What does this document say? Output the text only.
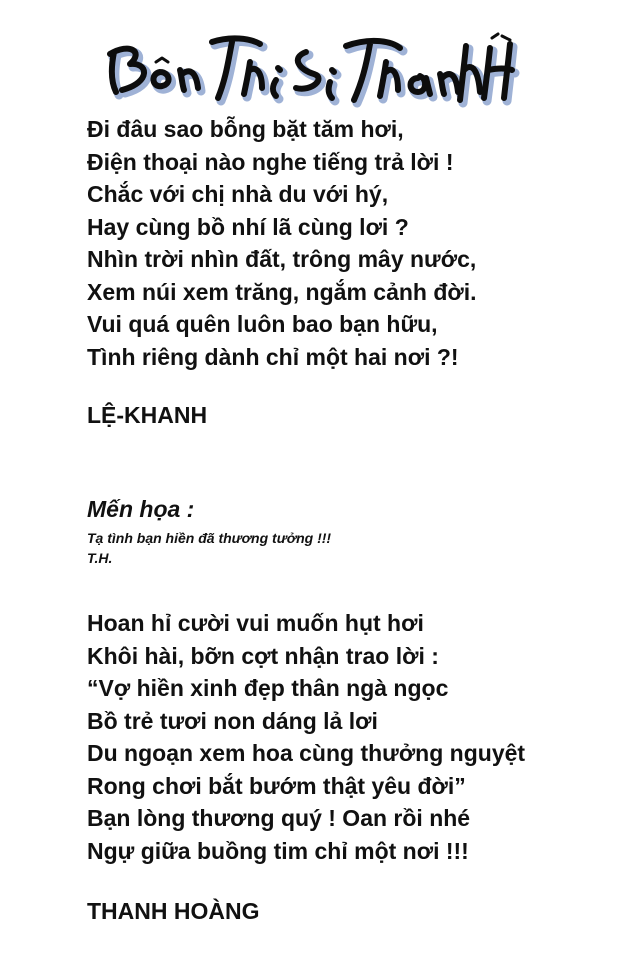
Đi đâu sao bỗng bặt tăm hơi,
Điện thoại nào nghe tiếng trả lời !
Chắc với chị nhà du với hý,
Hay cùng bồ nhí lã cùng lơi ?
Nhìn trời nhìn đất, trông mây nước,
Xem núi xem trăng, ngắm cảnh đời.
Vui quá quên luôn bao bạn hữu,
Tình riêng dành chỉ một hai nơi ?!
LỆ-KHANH
Mến họa :
Tạ tình bạn hiền đã thương tưởng !!!
T.H.
Hoan hỉ cười vui muốn hụt hơi
Khôi hài, bỡn cợt nhận trao lời :
“Vợ hiền xinh đẹp thân ngà ngọc
Bồ trẻ tươi non dáng lả lơi
Du ngoạn xem hoa cùng thưởng nguyệt
Rong chơi bắt bướm thật yêu đời”
Bạn lòng thương quý ! Oan rồi nhé
Ngự giữa buồng tim chỉ một nơi !!!
THANH HOÀNG
